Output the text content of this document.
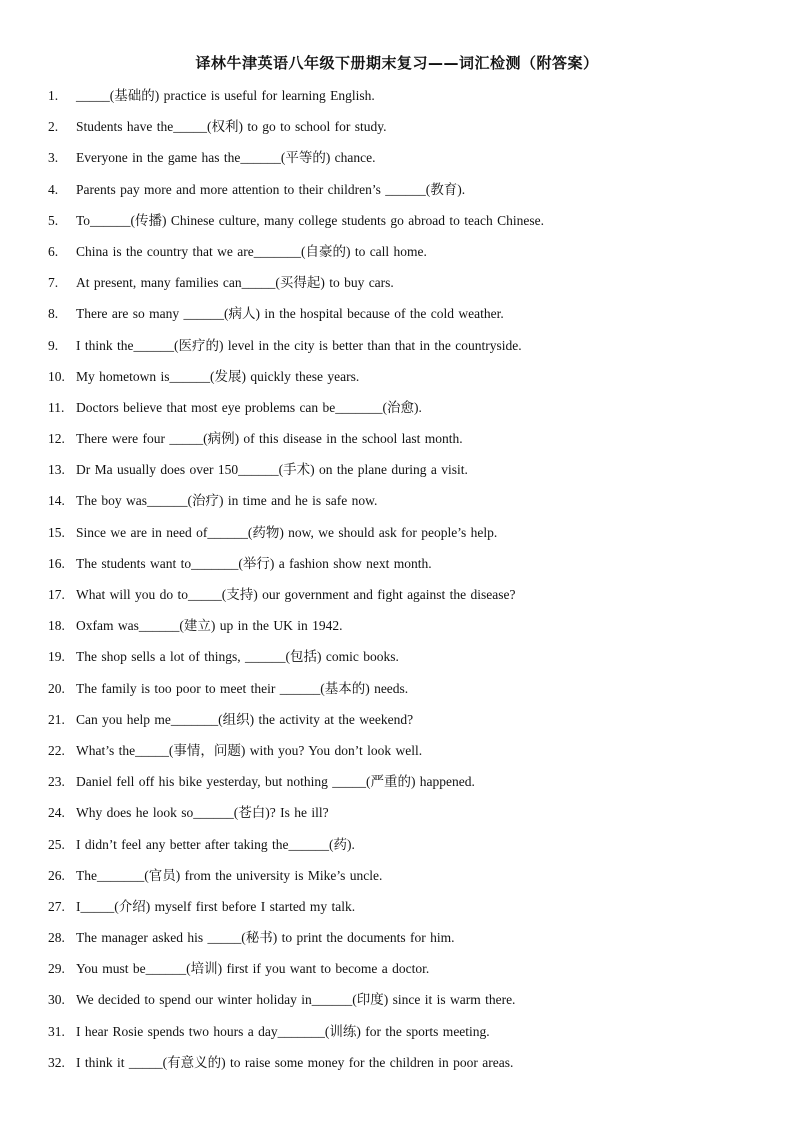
译林牛津英语八年级下册期末复习——词汇检测（附答案）
1. _____(基础的) practice is useful for learning English.
2. Students have the_____(权利) to go to school for study.
3. Everyone in the game has the______(平等的) chance.
4. Parents pay more and more attention to their children’s ______(教育).
5. To______(传播) Chinese culture, many college students go abroad to teach Chinese.
6. China is the country that we are_______(自豪的) to call home.
7. At present, many families can_____(买得起) to buy cars.
8. There are so many ______(病人) in the hospital because of the cold weather.
9. I think the______(医疗的) level in the city is better than that in the countryside.
10. My hometown is______(发展) quickly these years.
11. Doctors believe that most eye problems can be_______(治愈).
12. There were four _____(病例) of this disease in the school last month.
13. Dr Ma usually does over 150______(手术) on the plane during a visit.
14. The boy was______(治疗) in time and he is safe now.
15. Since we are in need of______(药物) now, we should ask for people’s help.
16. The students want to_______(举行) a fashion show next month.
17. What will you do to_____(支持) our government and fight against the disease?
18. Oxfam was______(建立) up in the UK in 1942.
19. The shop sells a lot of things, ______(包括) comic books.
20. The family is too poor to meet their ______(基本的) needs.
21. Can you help me_______(组织) the activity at the weekend?
22. What’s the_____(事情，问题) with you? You don’t look well.
23. Daniel fell off his bike yesterday, but nothing _____(严重的) happened.
24. Why does he look so______(苍白)? Is he ill?
25. I didn’t feel any better after taking the______(药).
26. The_______(官员) from the university is Mike’s uncle.
27. I_____(介绍) myself first before I started my talk.
28. The manager asked his _____(秘书) to print the documents for him.
29. You must be______(培训) first if you want to become a doctor.
30. We decided to spend our winter holiday in______(印度) since it is warm there.
31. I hear Rosie spends two hours a day_______(训练) for the sports meeting.
32. I think it _____(有意义的) to raise some money for the children in poor areas.
